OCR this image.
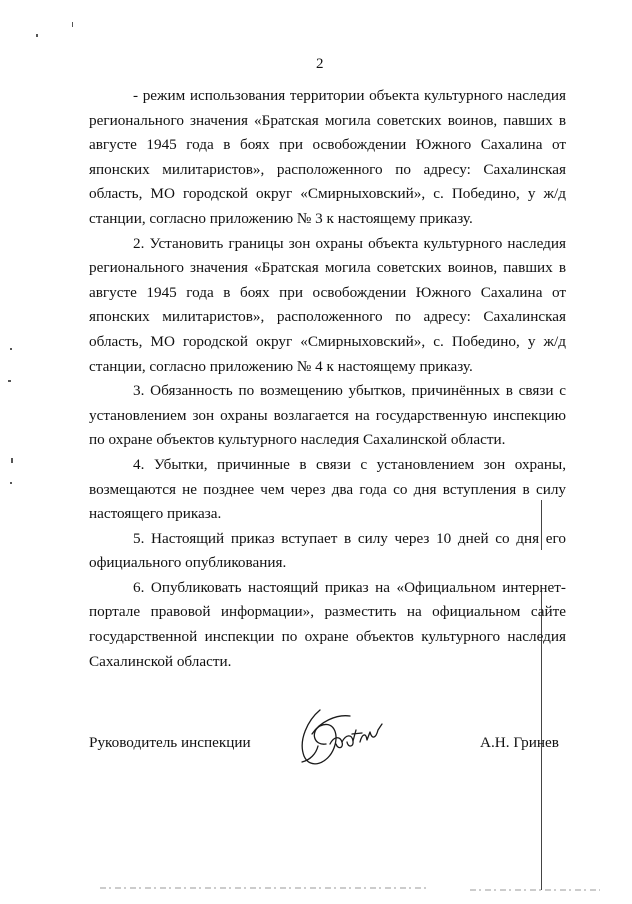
2

- режим использования территории объекта культурного наследия регионального значения «Братская могила советских воинов, павших в августе 1945 года в боях при освобождении Южного Сахалина от японских милитаристов», расположенного по адресу: Сахалинская область, МО городской округ «Смирныховский», с. Победино, у ж/д станции, согласно приложению № 3 к настоящему приказу.

2. Установить границы зон охраны объекта культурного наследия регионального значения «Братская могила советских воинов, павших в августе 1945 года в боях при освобождении Южного Сахалина от японских милитаристов», расположенного по адресу: Сахалинская область, МО городской округ «Смирныховский», с. Победино, у ж/д станции, согласно приложению № 4 к настоящему приказу.

3. Обязанность по возмещению убытков, причинённых в связи с установлением зон охраны возлагается на государственную инспекцию по охране объектов культурного наследия Сахалинской области.

4. Убытки, причинные в связи с установлением зон охраны, возмещаются не позднее чем через два года со дня вступления в силу настоящего приказа.

5. Настоящий приказ вступает в силу через 10 дней со дня его официального опубликования.

6. Опубликовать настоящий приказ на «Официальном интернет-портале правовой информации», разместить на официальном сайте государственной инспекции по охране объектов культурного наследия Сахалинской области.

Руководитель инспекции	А.Н. Гринев
